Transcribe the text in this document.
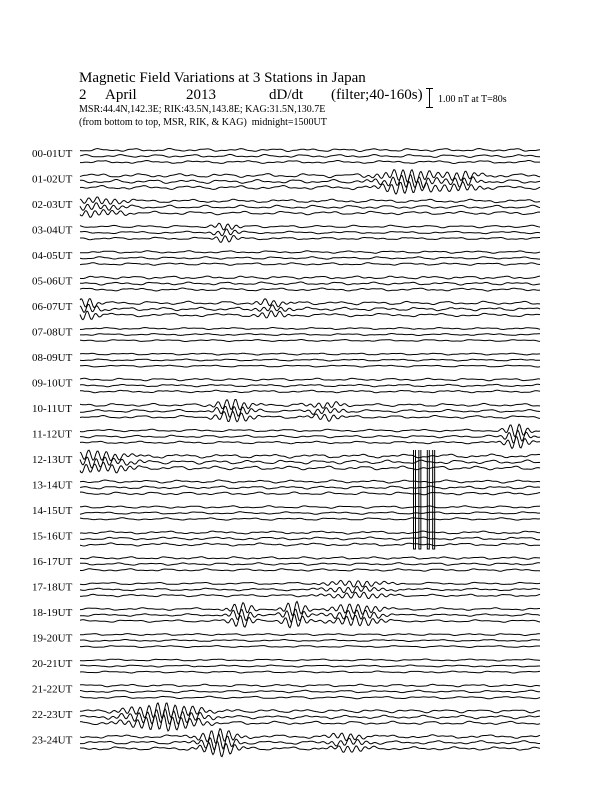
Magnetic Field Variations at 3 Stations in Japan
2 April	2013	dD/dt (filter;40-160s)
MSR:44.4N,142.3E; RIK:43.5N,143.8E; KAG:31.5N,130.7E
(from bottom to top, MSR, RIK, & KAG) midnight=1500UT
1.00 nT at T=80s
00-01UT
01-02UT
02-03UT
03-04UT
04-05UT
05-06UT
06-07UT
07-08UT
08-09UT
09-10UT
10-11UT
11-12UT
12-13UT
13-14UT
14-15UT
15-16UT
16-17UT
17-18UT
18-19UT
19-20UT
20-21UT
21-22UT
22-23UT
23-24UT
